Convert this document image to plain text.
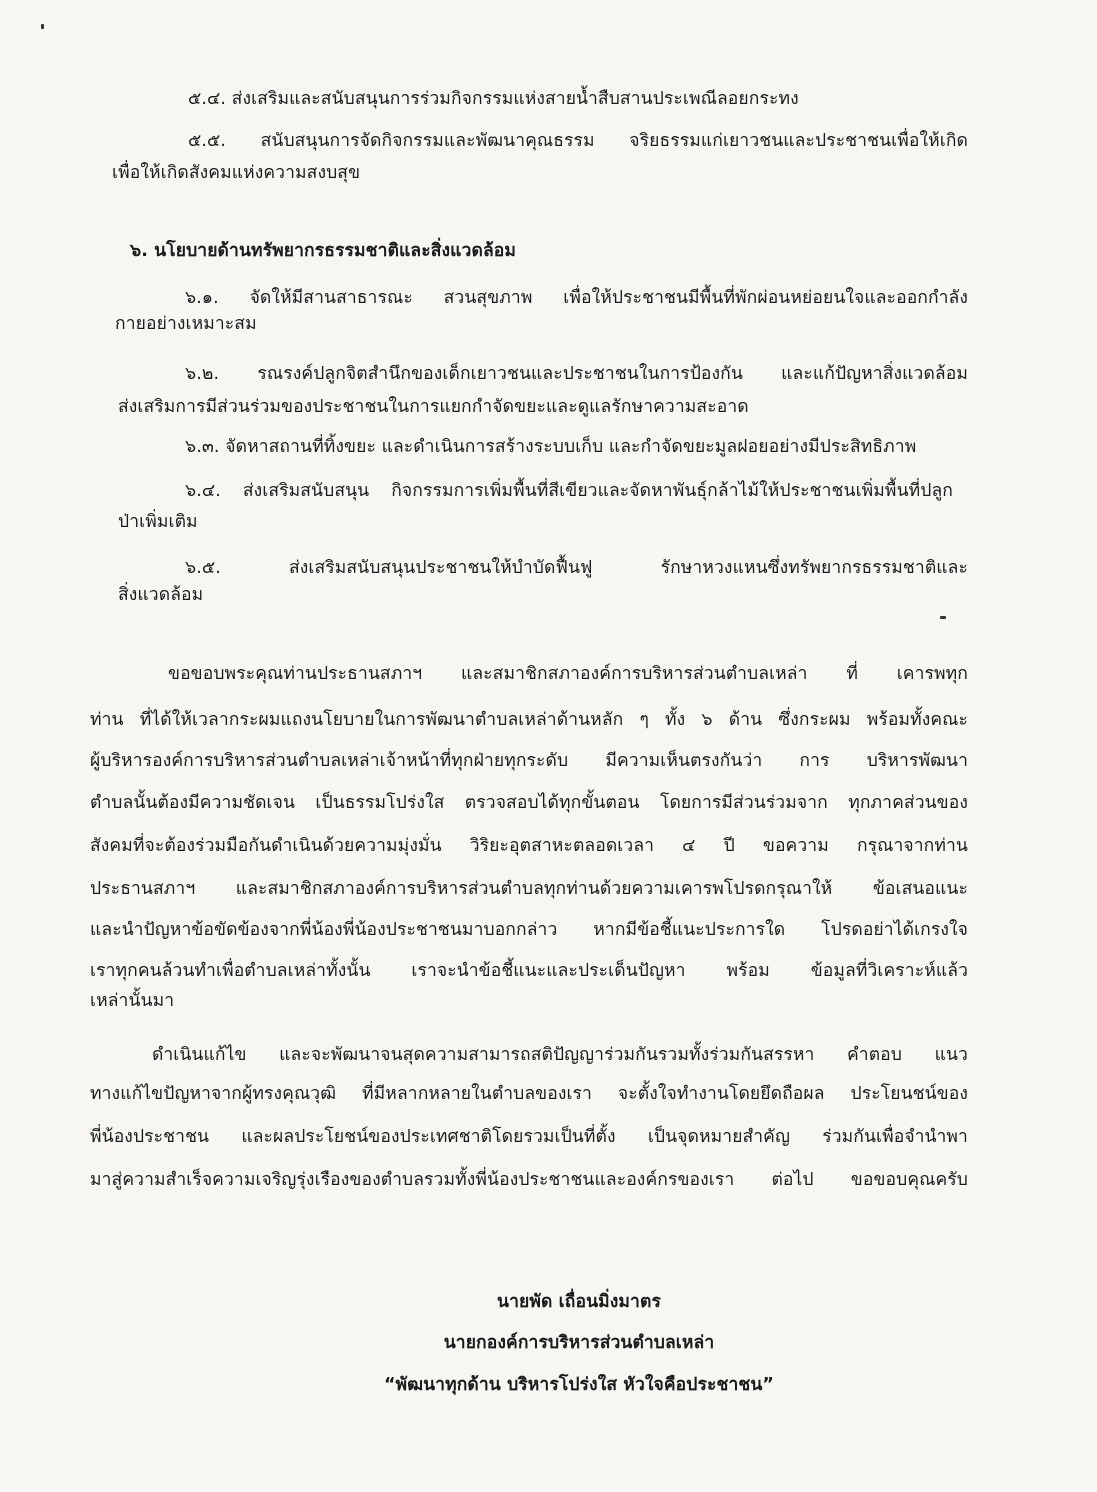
๕.๔. ส่งเสริมและสนับสนุนการร่วมกิจกรรมแห่งสายน้ำสืบสานประเพณีลอยกระทง
๕.๕. สนับสนุนการจัดกิจกรรมและพัฒนาคุณธรรม จริยธรรมแก่เยาวชนและประชาชนเพื่อให้เกิด
เพื่อให้เกิดสังคมแห่งความสงบสุข
๖. นโยบายด้านทรัพยากรธรรมชาติและสิ่งแวดล้อม
๖.๑. จัดให้มีสานสาธารณะ สวนสุขภาพ เพื่อให้ประชาชนมีพื้นที่พักผ่อนหย่อยนใจและออกกำลัง
กายอย่างเหมาะสม
๖.๒. รณรงค์ปลูกจิตสำนึกของเด็กเยาวชนและประชาชนในการป้องกัน และแก้ปัญหาสิ่งแวดล้อม
ส่งเสริมการมีส่วนร่วมของประชาชนในการแยกกำจัดขยะและดูแลรักษาความสะอาด
๖.๓. จัดหาสถานที่ทิ้งขยะ และดำเนินการสร้างระบบเก็บ และกำจัดขยะมูลฝอยอย่างมีประสิทธิภาพ
๖.๔. ส่งเสริมสนับสนุน กิจกรรมการเพิ่มพื้นที่สีเขียวและจัดหาพันธุ์กล้าไม้ให้ประชาชนเพิ่มพื้นที่ปลูก
ป่าเพิ่มเติม
๖.๕. ส่งเสริมสนับสนุนประชาชนให้บำบัดฟื้นฟู รักษาหวงแหนซึ่งทรัพยากรธรรมชาติและ
สิ่งแวดล้อม
ขอขอบพระคุณท่านประธานสภาฯ และสมาชิกสภาองค์การบริหารส่วนตำบลเหล่า ที่ เคารพทุก
ท่าน ที่ได้ให้เวลากระผมแถงนโยบายในการพัฒนาตำบลเหล่าด้านหลัก ๆ ทั้ง ๖ ด้าน ซึ่งกระผม พร้อมทั้งคณะ
ผู้บริหารองค์การบริหารส่วนตำบลเหล่าเจ้าหน้าที่ทุกฝ่ายทุกระดับ มีความเห็นตรงกันว่า การ บริหารพัฒนา
ตำบลนั้นต้องมีความชัดเจน เป็นธรรมโปร่งใส ตรวจสอบได้ทุกขั้นตอน โดยการมีส่วนร่วมจาก ทุกภาคส่วนของ
สังคมที่จะต้องร่วมมือกันดำเนินด้วยความมุ่งมั่น วิริยะอุตสาหะตลอดเวลา ๔ ปี ขอความ กรุณาจากท่าน
ประธานสภาฯ และสมาชิกสภาองค์การบริหารส่วนตำบลทุกท่านด้วยความเคารพโปรดกรุณาให้ ข้อเสนอแนะ
และนำปัญหาข้อขัดข้องจากพี่น้องพี่น้องประชาชนมาบอกกล่าว หากมีข้อชี้แนะประการใด โปรดอย่าได้เกรงใจ
เราทุกคนล้วนทำเพื่อตำบลเหล่าทั้งนั้น เราจะนำข้อชี้แนะและประเด็นปัญหา พร้อม ข้อมูลที่วิเคราะห์แล้ว
เหล่านั้นมา
ดำเนินแก้ไข และจะพัฒนาจนสุดความสามารถสติปัญญาร่วมกันรวมทั้งร่วมกันสรรหา คำตอบ แนว
ทางแก้ไขปัญหาจากผู้ทรงคุณวุฒิ ที่มีหลากหลายในตำบลของเรา จะตั้งใจทำงานโดยยึดถือผล ประโยนชน์ของ
พี่น้องประชาชน และผลประโยชน์ของประเทศชาติโดยรวมเป็นที่ตั้ง เป็นจุดหมายสำคัญ ร่วมกันเพื่อจำนำพา
มาสู่ความสำเร็จความเจริญรุ่งเรืองของตำบลรวมทั้งพี่น้องประชาชนและองค์กรของเรา ต่อไป ขอขอบคุณครับ
นายพัด เถื่อนมิ่งมาตร
นายกองค์การบริหารส่วนตำบลเหล่า
“พัฒนาทุกด้าน บริหารโปร่งใส หัวใจคือประชาชน”
